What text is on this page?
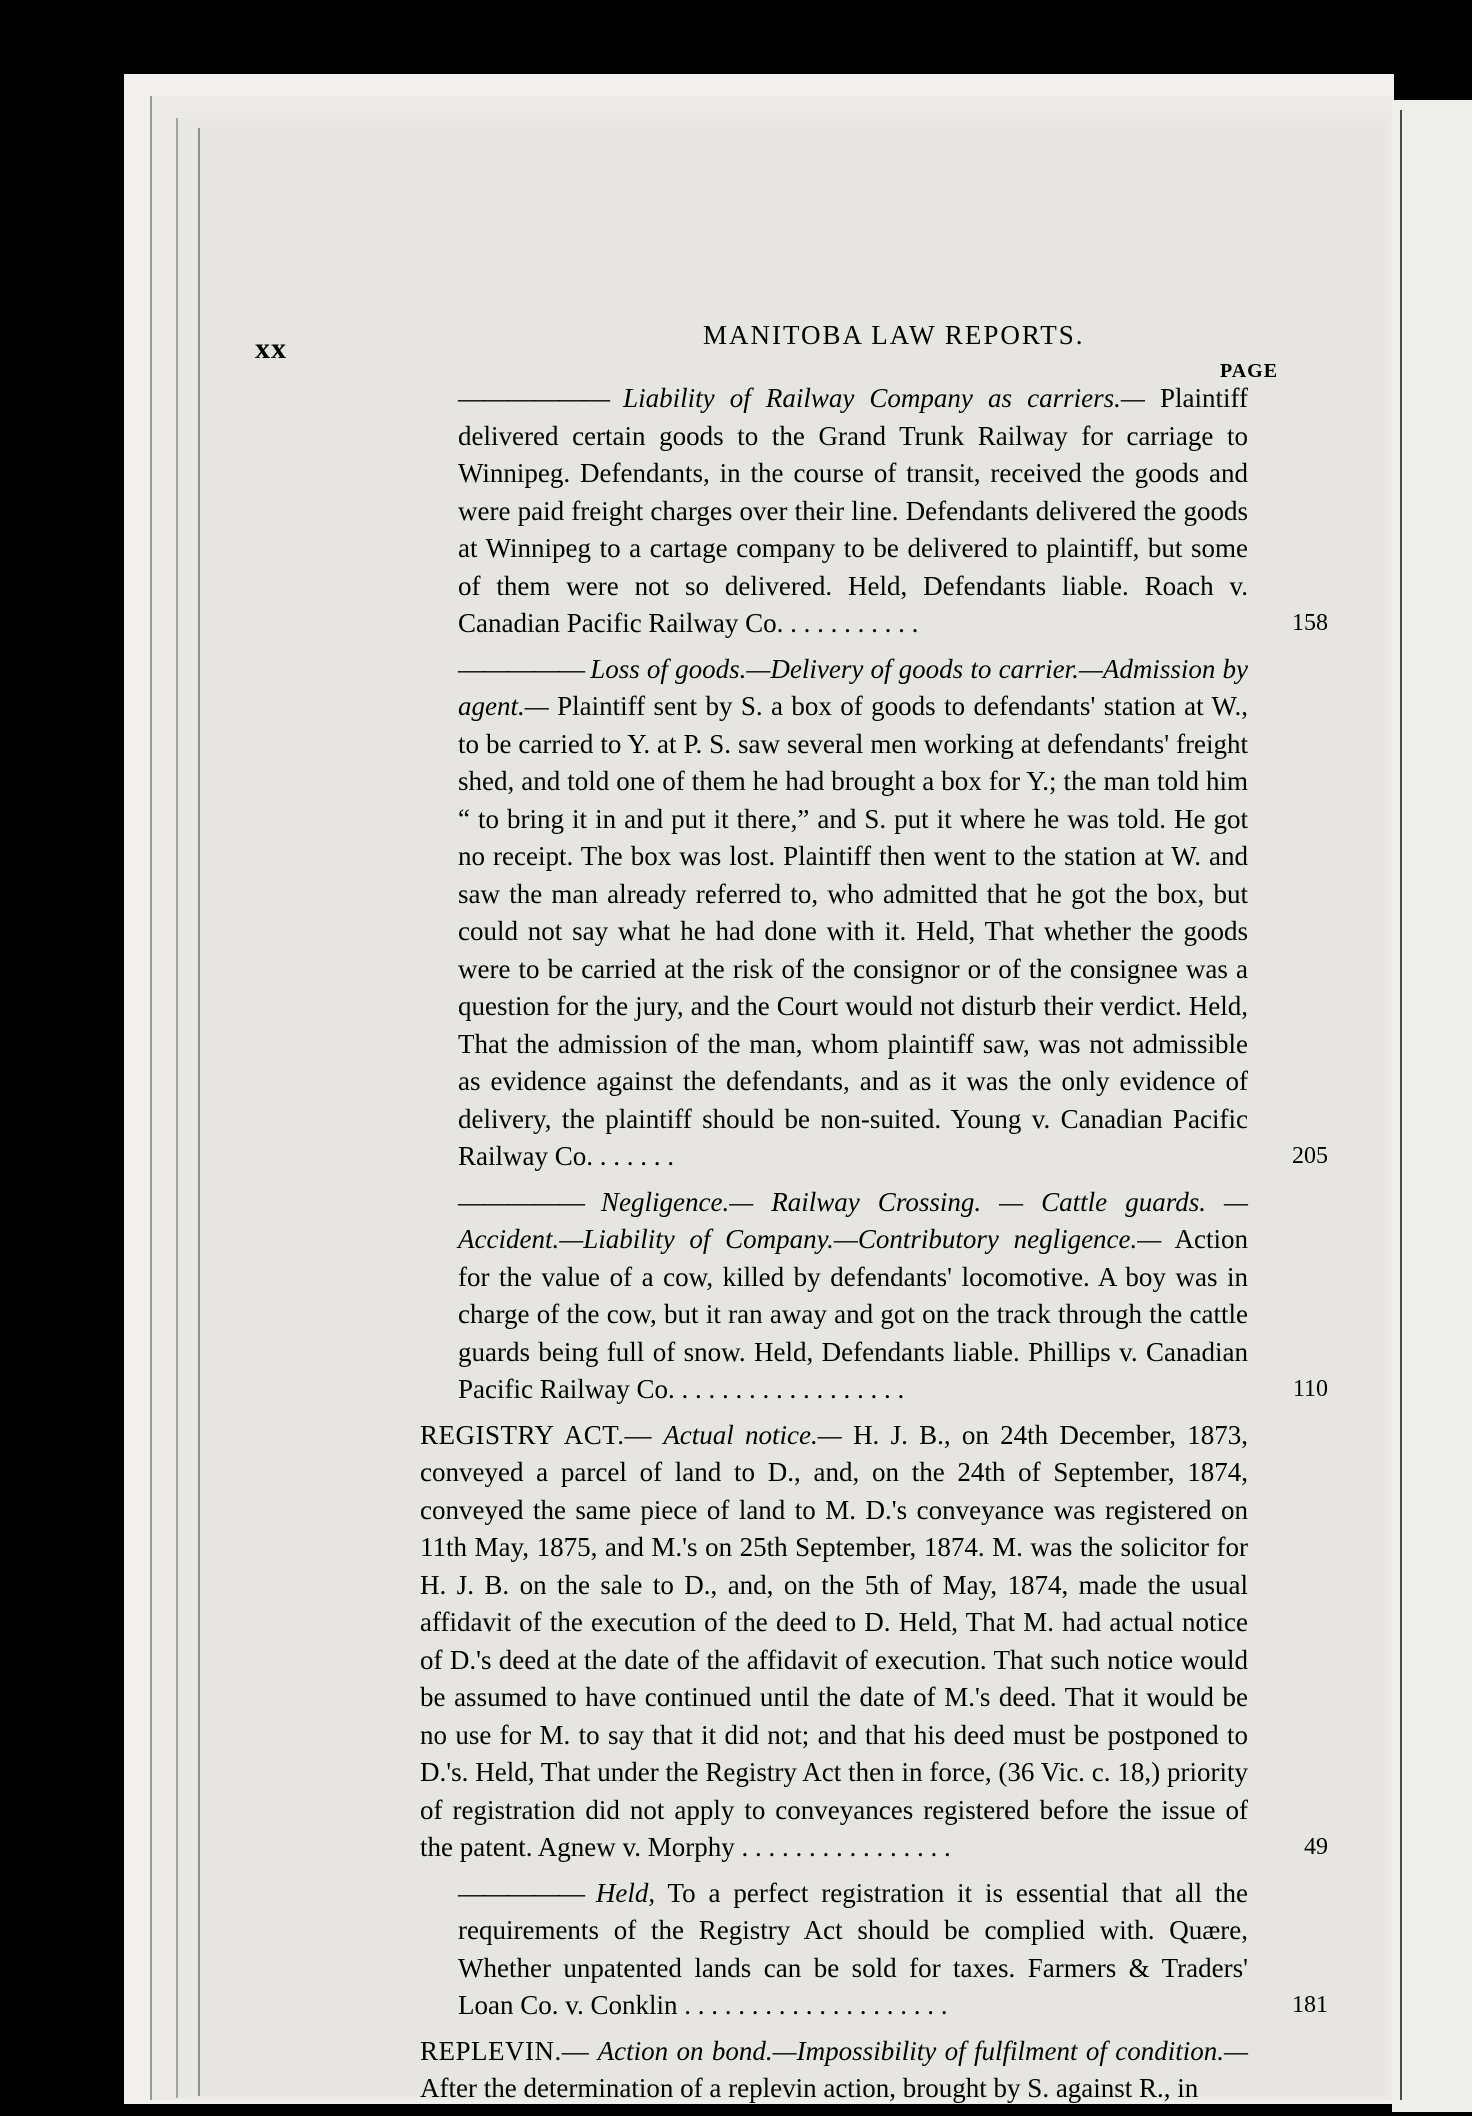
xx	MANITOBA LAW REPORTS.
PAGE
—————— Liability of Railway Company as carriers.— Plaintiff delivered certain goods to the Grand Trunk Railway for carriage to Winnipeg. Defendants, in the course of transit, received the goods and were paid freight charges over their line. Defendants delivered the goods at Winnipeg to a cartage company to be delivered to plaintiff, but some of them were not so delivered. Held, Defendants liable. Roach v. Canadian Pacific Railway Co. . . . . . . . . . .	158
————— Loss of goods.—Delivery of goods to carrier.—Admission by agent.— Plaintiff sent by S. a box of goods to defendants' station at W., to be carried to Y. at P. S. saw several men working at defendants' freight shed, and told one of them he had brought a box for Y.; the man told him “ to bring it in and put it there,” and S. put it where he was told. He got no receipt. The box was lost. Plaintiff then went to the station at W. and saw the man already referred to, who admitted that he got the box, but could not say what he had done with it. Held, That whether the goods were to be carried at the risk of the consignor or of the consignee was a question for the jury, and the Court would not disturb their verdict. Held, That the admission of the man, whom plaintiff saw, was not admissible as evidence against the defendants, and as it was the only evidence of delivery, the plaintiff should be non-suited. Young v. Canadian Pacific Railway Co. . . . . . .	205
————— Negligence.— Railway Crossing. — Cattle guards. — Accident.—Liability of Company.—Contributory negligence.— Action for the value of a cow, killed by defendants' locomotive. A boy was in charge of the cow, but it ran away and got on the track through the cattle guards being full of snow. Held, Defendants liable. Phillips v. Canadian Pacific Railway Co. . . . . . . . . . . . . . . . . .	110
REGISTRY ACT.— Actual notice.— H. J. B., on 24th December, 1873, conveyed a parcel of land to D., and, on the 24th of September, 1874, conveyed the same piece of land to M. D.'s conveyance was registered on 11th May, 1875, and M.'s on 25th September, 1874. M. was the solicitor for H. J. B. on the sale to D., and, on the 5th of May, 1874, made the usual affidavit of the execution of the deed to D. Held, That M. had actual notice of D.'s deed at the date of the affidavit of execution. That such notice would be assumed to have continued until the date of M.'s deed. That it would be no use for M. to say that it did not; and that his deed must be postponed to D.'s. Held, That under the Registry Act then in force, (36 Vic. c. 18,) priority of registration did not apply to conveyances registered before the issue of the patent. Agnew v. Morphy . . . . . . . . . . . . . . . .	49
————— Held, To a perfect registration it is essential that all the requirements of the Registry Act should be complied with. Quære, Whether unpatented lands can be sold for taxes. Farmers & Traders' Loan Co. v. Conklin . . . . . . . . . . . . . . . . . . . .	181
REPLEVIN.— Action on bond.—Impossibility of fulfilment of condition.— After the determination of a replevin action, brought by S. against R., in
